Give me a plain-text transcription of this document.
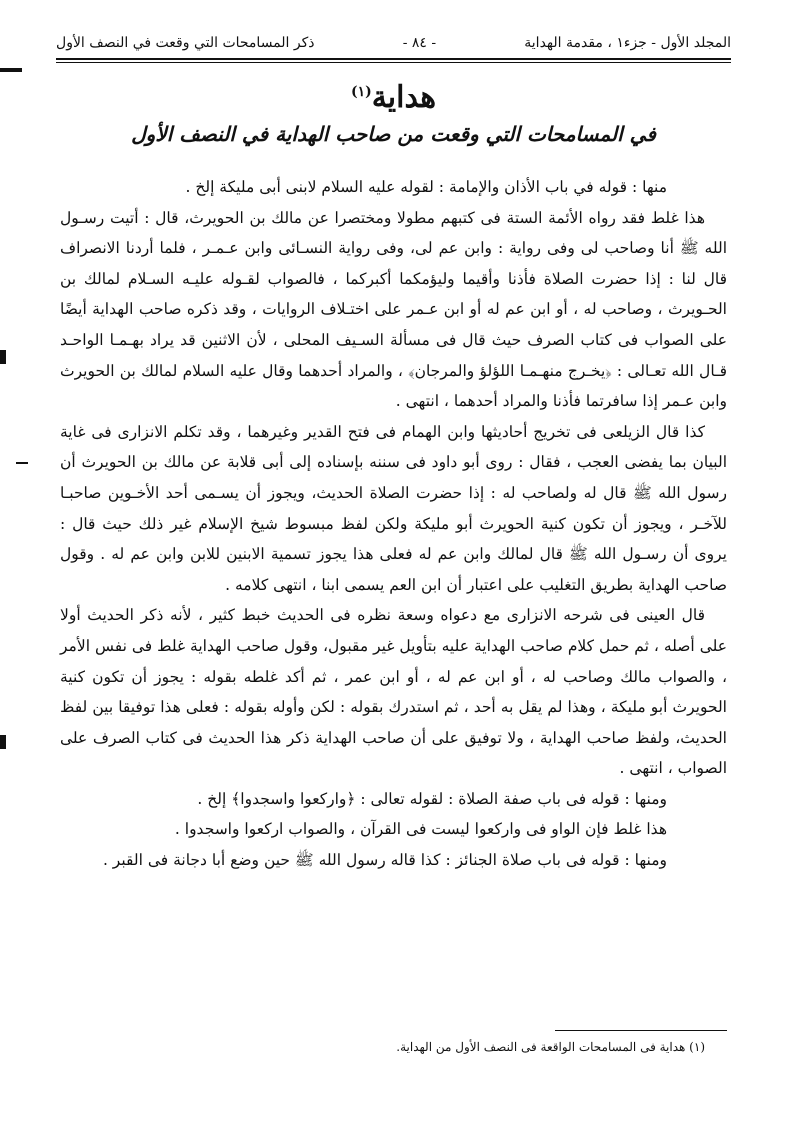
المجلد الأول - جزء١ ، مقدمة الهداية
- ٨٤ -
ذكر المسامحات التي وقعت في النصف الأول
هداية$^{(١)}$
في المسامحات التي وقعت من صاحب الهداية في النصف الأول

منها : قوله في باب الأذان والإمامة : لقوله عليه السلام لابنى أبى مليكة إلخ .

هذا غلط فقد رواه الأئمة الستة فى كتبهم مطولا ومختصرا عن مالك بن الحويرث، قال : أتيت رسـول الله ﷺ أنا وصاحب لى وفى رواية : وابن عم لى، وفى رواية النسـائى وابن عـمـر ، فلما أردنا الانصراف قال لنا : إذا حضرت الصلاة فأذنا وأقيما وليؤمكما أكبركما ، فالصواب لقـوله عليـه السـلام لمالك بن الحـويرث ، وصاحب له ، أو ابن عم له أو ابن عـمر على اختـلاف الروايات ، وقد ذكره صاحب الهداية أيضًا على الصواب فى كتاب الصرف حيث قال فى مسألة السـيف المحلى ، لأن الاثنين قد يراد بهـمـا الواحـد قـال الله تعـالى : ﴿يخـرج منهـمـا اللؤلؤ والمرجان﴾ ، والمراد أحدهما وقال عليه السلام لمالك بن الحويرث وابن عـمر إذا سافرتما فأذنا والمراد أحدهما ، انتهى .

كذا قال الزيلعى فى تخريج أحاديثها وابن الهمام فى فتح القدير وغيرهما ، وقد تكلم الانزارى فى غاية البيان بما يفضى العجب ، فقال : روى أبو داود فى سننه بإسناده إلى أبى قلابة عن مالك بن الحويرث أن رسول الله ﷺ قال له ولصاحب له : إذا حضرت الصلاة الحديث، ويجوز أن يسـمى أحد الأخـوين صاحبـا للآخـر ، ويجوز أن تكون كنية الحويرث أبو مليكة ولكن لفظ مبسوط شيخ الإسلام غير ذلك حيث قال : يروى أن رسـول الله ﷺ قال لمالك وابن عم له فعلى هذا يجوز تسمية الابنين للابن وابن عم له . وقول صاحب الهداية بطريق التغليب على اعتبار أن ابن العم يسمى ابنا ، انتهى كلامه .

قال العينى فى شرحه الانزارى مع دعواه وسعة نظره فى الحديث خبط كثير ، لأنه ذكر الحديث أولا على أصله ، ثم حمل كلام صاحب الهداية عليه بتأويل غير مقبول، وقول صاحب الهداية غلط فى نفس الأمر ، والصواب مالك وصاحب له ، أو ابن عم له ، أو ابن عمر ، ثم أكد غلطه بقوله : يجوز أن تكون كنية الحويرث أبو مليكة ، وهذا لم يقل به أحد ، ثم استدرك بقوله : لكن وأوله بقوله : فعلى هذا توفيقا بين لفظ الحديث، ولفظ صاحب الهداية ، ولا توفيق على أن صاحب الهداية ذكر هذا الحديث فى كتاب الصرف على الصواب ، انتهى .

ومنها : قوله فى باب صفة الصلاة : لقوله تعالى : ﴿واركعوا واسجدوا﴾ إلخ .

هذا غلط فإن الواو فى واركعوا ليست فى القرآن ، والصواب اركعوا واسجدوا .

ومنها : قوله فى باب صلاة الجنائز : كذا قاله رسول الله ﷺ حين وضع أبا دجانة فى القبر .

(١) هداية فى المسامحات الواقعة فى النصف الأول من الهداية.
